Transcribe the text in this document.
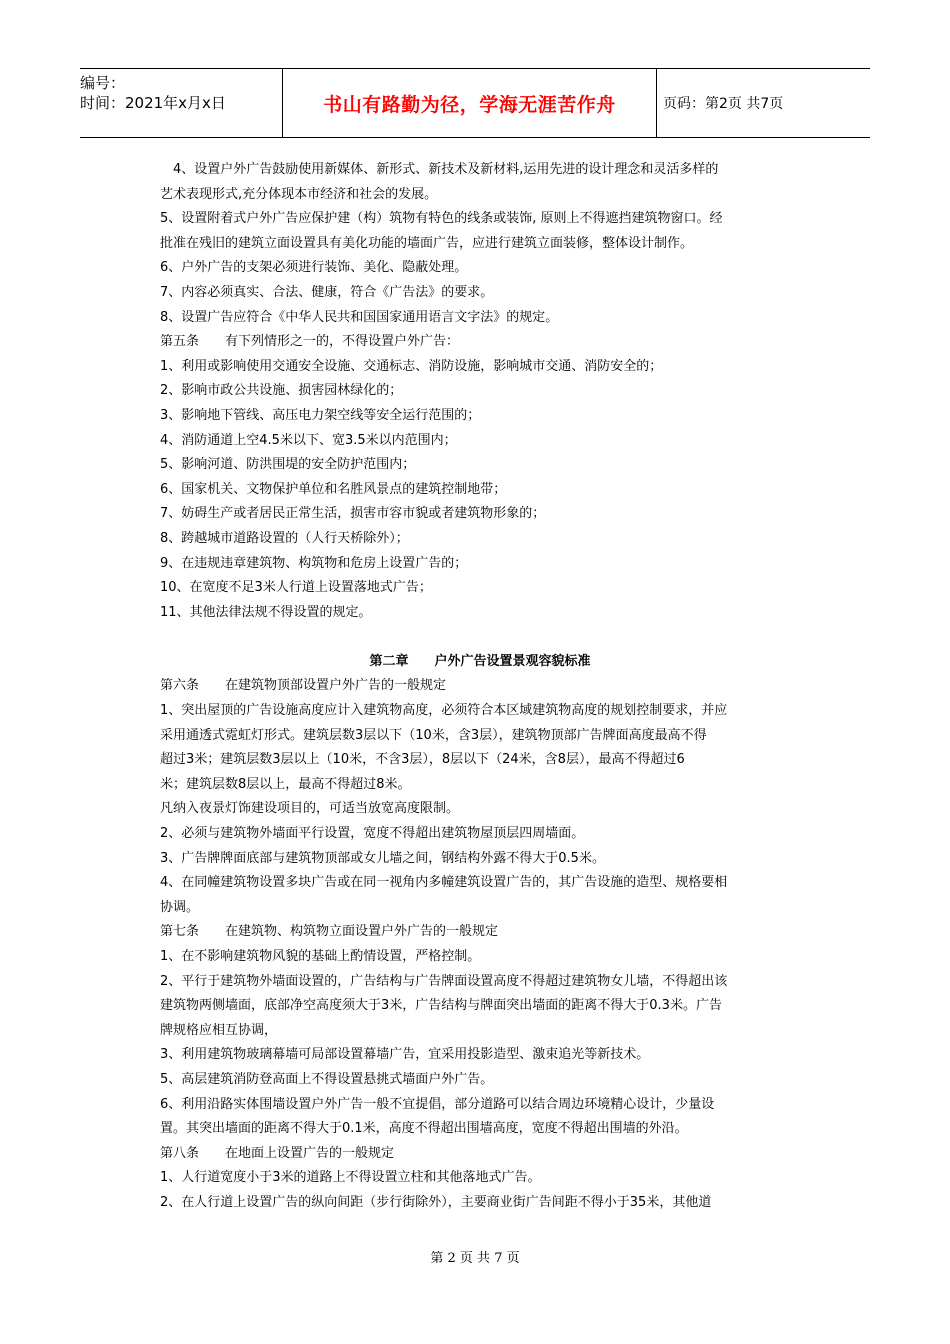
编号：
时间：2021年x月x日	书山有路勤为径，学海无涯苦作舟	页码：第2页 共7页
　4、设置户外广告鼓励使用新媒体、新形式、新技术及新材料,运用先进的设计理念和灵活多样的
艺术表现形式,充分体现本市经济和社会的发展。
5、设置附着式户外广告应保护建（构）筑物有特色的线条或装饰, 原则上不得遮挡建筑物窗口。经
批准在残旧的建筑立面设置具有美化功能的墙面广告，应进行建筑立面装修，整体设计制作。
6、户外广告的支架必须进行装饰、美化、隐蔽处理。
7、内容必须真实、合法、健康，符合《广告法》的要求。
8、设置广告应符合《中华人民共和国国家通用语言文字法》的规定。
第五条　　有下列情形之一的，不得设置户外广告：
1、利用或影响使用交通安全设施、交通标志、消防设施，影响城市交通、消防安全的；
2、影响市政公共设施、损害园林绿化的；
3、影响地下管线、高压电力架空线等安全运行范围的；
4、消防通道上空4.5米以下、宽3.5米以内范围内；
5、影响河道、防洪围堤的安全防护范围内；
6、国家机关、文物保护单位和名胜风景点的建筑控制地带；
7、妨碍生产或者居民正常生活，损害市容市貌或者建筑物形象的；
8、跨越城市道路设置的（人行天桥除外）；
9、在违规违章建筑物、构筑物和危房上设置广告的；
10、在宽度不足3米人行道上设置落地式广告；
11、其他法律法规不得设置的规定。
第二章　　户外广告设置景观容貌标准
第六条　　在建筑物顶部设置户外广告的一般规定
1、突出屋顶的广告设施高度应计入建筑物高度，必须符合本区域建筑物高度的规划控制要求，并应
采用通透式霓虹灯形式。建筑层数3层以下（10米，含3层），建筑物顶部广告牌面高度最高不得
超过3米；建筑层数3层以上（10米，不含3层），8层以下（24米，含8层），最高不得超过6
米；建筑层数8层以上，最高不得超过8米。
凡纳入夜景灯饰建设项目的，可适当放宽高度限制。
2、必须与建筑物外墙面平行设置，宽度不得超出建筑物屋顶层四周墙面。
3、广告牌牌面底部与建筑物顶部或女儿墙之间，钢结构外露不得大于0.5米。
4、在同幢建筑物设置多块广告或在同一视角内多幢建筑设置广告的，其广告设施的造型、规格要相
协调。
第七条　　在建筑物、构筑物立面设置户外广告的一般规定
1、在不影响建筑物风貌的基础上酌情设置，严格控制。
2、平行于建筑物外墙面设置的，广告结构与广告牌面设置高度不得超过建筑物女儿墙，不得超出该
建筑物两侧墙面，底部净空高度须大于3米，广告结构与牌面突出墙面的距离不得大于0.3米。广告
牌规格应相互协调，
3、利用建筑物玻璃幕墙可局部设置幕墙广告，宜采用投影造型、激束追光等新技术。
5、高层建筑消防登高面上不得设置悬挑式墙面户外广告。
6、利用沿路实体围墙设置户外广告一般不宜提倡，部分道路可以结合周边环境精心设计，少量设
置。其突出墙面的距离不得大于0.1米，高度不得超出围墙高度，宽度不得超出围墙的外沿。
第八条　　在地面上设置广告的一般规定
1、人行道宽度小于3米的道路上不得设置立柱和其他落地式广告。
2、在人行道上设置广告的纵向间距（步行街除外），主要商业街广告间距不得小于35米，其他道
第 2 页 共 7 页
